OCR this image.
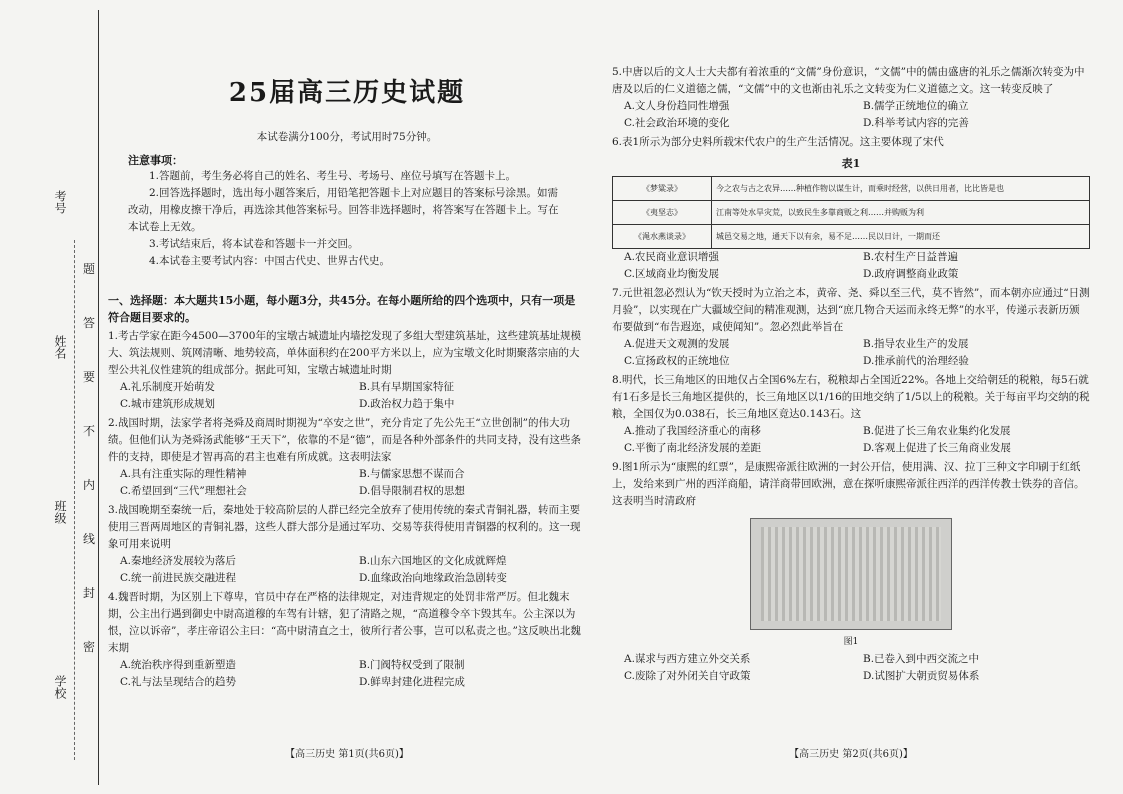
考号
姓名
班级
学校
题
答
要
不
内
线
封
密
25届高三历史试题
本试卷满分100分，考试用时75分钟。
注意事项：

1.答题前，考生务必将自己的姓名、考生号、考场号、座位号填写在答题卡上。

2.回答选择题时，选出每小题答案后，用铅笔把答题卡上对应题目的答案标号涂黑。如需改动，用橡皮擦干净后，再选涂其他答案标号。回答非选择题时，将答案写在答题卡上。写在本试卷上无效。

3.考试结束后，将本试卷和答题卡一并交回。

4.本试卷主要考试内容：中国古代史、世界古代史。

一、选择题：本大题共15小题，每小题3分，共45分。在每小题所给的四个选项中，只有一项是符合题目要求的。

1.考古学家在距今4500—3700年的宝墩古城遗址内墙挖发现了多组大型建筑基址，这些建筑基址规模大、筑法规则、筑网清晰、地势较高，单体面积约在200平方米以上，应为宝墩文化时期聚落宗庙的大型公共礼仪性建筑的组成部分。据此可知，宝墩古城遗址时期

A.礼乐制度开始萌发	B.具有早期国家特征
C.城市建筑形成规划	D.政治权力趋于集中

2.战国时期，法家学者将尧舜及商周时期视为“卒安之世”，充分肯定了先公先王“立世创制”的伟大功绩。但他们认为尧舜汤武能够“王天下”，依靠的不是“德”，而是各种外部条件的共同支持，没有这些条件的支持，即使是才智再高的君主也难有所成就。这表明法家

A.具有注重实际的理性精神	B.与儒家思想不谋而合
C.希望回到“三代”理想社会	D.倡导限制君权的思想

3.战国晚期至秦统一后，秦地处于较高阶层的人群已经完全放弃了使用传统的秦式青铜礼器，转而主要使用三晋两周地区的青铜礼器，这些人群大部分是通过军功、交易等获得使用青铜器的权利的。这一现象可用来说明

A.秦地经济发展较为落后	B.山东六国地区的文化成就辉煌
C.统一前进民族交融进程	D.血缘政治向地缘政治急剧转变

4.魏晋时期，为区别上下尊卑，官员中存在严格的法律规定，对违背规定的处罚非常严厉。但北魏末期，公主出行遇到御史中尉高道穆的车驾有计辖，犯了清路之规，“高道穆令卒卞毁其车。公主深以为恨，泣以诉帝”，孝庄帝诏公主曰：“高中尉清直之士，彼所行者公事，岂可以私责之也。”这反映出北魏末期

A.统治秩序得到重新塑造	B.门阀特权受到了限制
C.礼与法呈现结合的趋势	D.鲜卑封建化进程完成
【高三历史 第1页(共6页)】

5.中唐以后的文人士大夫都有着浓重的“文儒”身份意识，“文儒”中的儒由盛唐的礼乐之儒渐次转变为中唐及以后的仁义道德之儒，“文儒”中的文也渐由礼乐之文转变为仁义道德之文。这一转变反映了

A.文人身份趋同性增强	B.儒学正统地位的确立
C.社会政治环境的变化	D.科举考试内容的完善

6.表1所示为部分史料所载宋代农户的生产生活情况。这主要体现了宋代

表1
《梦粱录》	今之农与古之农异……种植作物以谋生计，而乘时经营，以供日用者，比比皆是也
《夷坚志》	江南等处水旱灾荒，以致民生多靠商贩之利……并购贩为利
《渑水燕谈录》	城邑交易之地，通天下以有余，易不足……民以日计，一期而还
A.农民商业意识增强	B.农村生产日益普遍
C.区域商业均衡发展	D.政府调整商业政策

7.元世祖忽必烈认为“钦天授时为立治之本，黄帝、尧、舜以至三代，莫不皆然”，而本朝亦应通过“日测月验”，以实现在广大疆域空间的精准观测，达到“庶几物合天运而永终无弊”的水平，传递示表新历颁布要做到“布告遐迩，咸使闻知”。忽必烈此举旨在

A.促进天文观测的发展	B.指导农业生产的发展
C.宣扬政权的正统地位	D.推承前代的治理经验

8.明代，长三角地区的田地仅占全国6%左右，税粮却占全国近22%。各地上交给朝廷的税粮，每5石就有1石多是长三角地区提供的，长三角地区以1/16的田地交纳了1/5以上的税粮。关于每亩平均交纳的税粮，全国仅为0.038石，长三角地区竟达0.143石。这

A.推动了我国经济重心的南移	B.促进了长三角农业集约化发展
C.平衡了南北经济发展的差距	D.客观上促进了长三角商业发展

9.图1所示为“康熙的红票”，是康熙帝派往欧洲的一封公开信，使用满、汉、拉丁三种文字印刷于红纸上，发给来到广州的西洋商船，请洋商带回欧洲，意在探听康熙帝派往西洋的西洋传教士铁券的音信。这表明当时清政府

图1
A.谋求与西方建立外交关系	B.已卷入到中西交流之中
C.废除了对外闭关自守政策	D.试图扩大朝贡贸易体系
【高三历史 第2页(共6页)】
